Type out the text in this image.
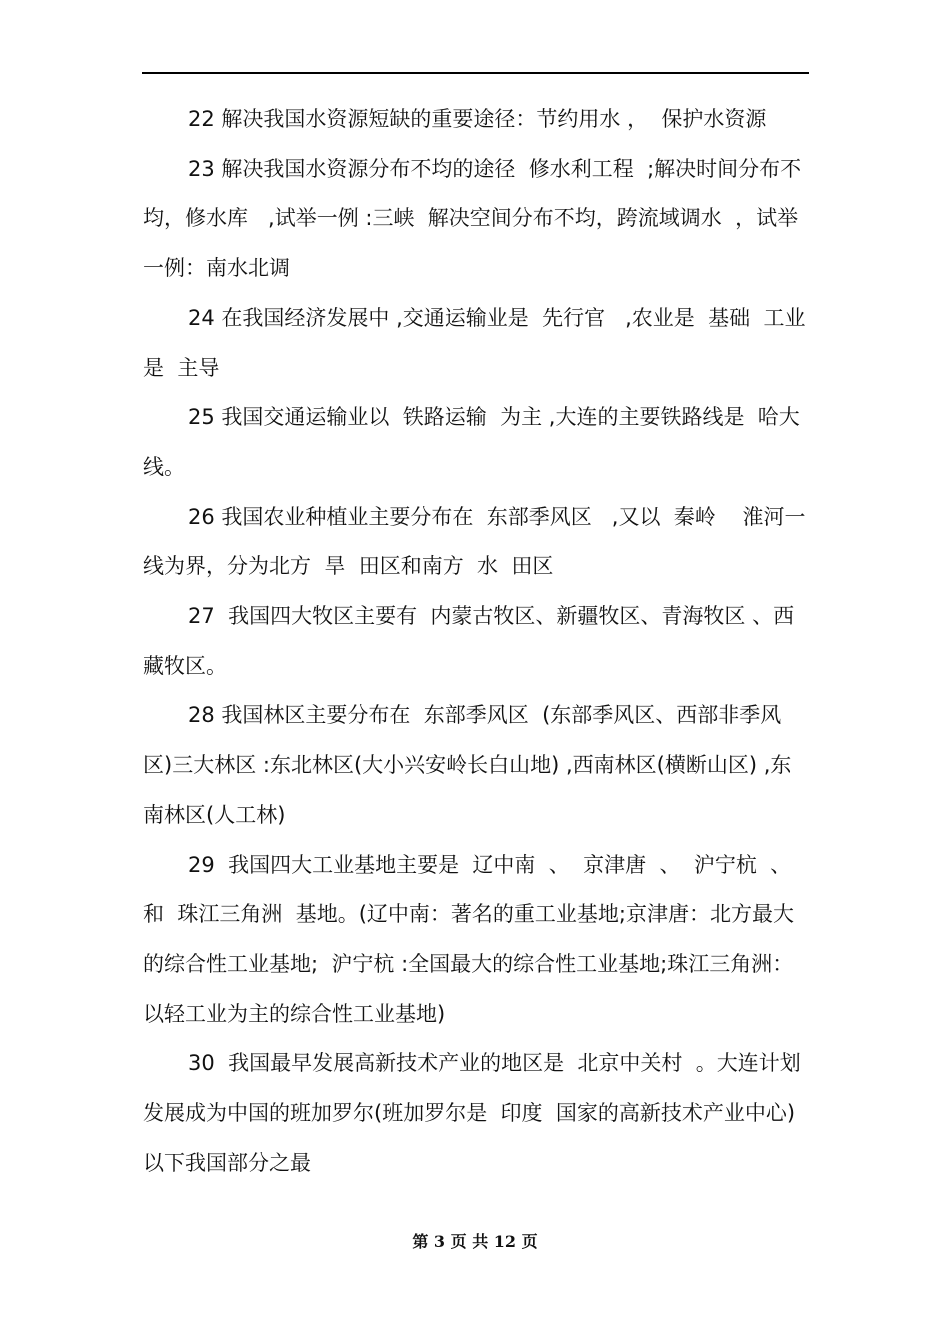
22 解决我国水资源短缺的重要途径：节约用水 ，  保护水资源

23 解决我国水资源分布不均的途径  修水利工程  ;解决时间分布不均，修水库   ,试举一例 :三峡  解决空间分布不均，跨流域调水  ，试举一例：南水北调

24 在我国经济发展中 ,交通运输业是  先行官   ,农业是  基础  工业是  主导

25 我国交通运输业以  铁路运输  为主 ,大连的主要铁路线是  哈大 线。

26 我国农业种植业主要分布在  东部季风区   ,又以  秦岭    淮河一线为界，分为北方  旱  田区和南方  水  田区

27  我国四大牧区主要有  内蒙古牧区、新疆牧区、青海牧区 、西藏牧区。

28 我国林区主要分布在  东部季风区  (东部季风区、西部非季风区)三大林区 :东北林区(大小兴安岭长白山地) ,西南林区(横断山区) ,东南林区(人工林)

29  我国四大工业基地主要是  辽中南  、  京津唐  、  沪宁杭  、和  珠江三角洲  基地。(辽中南：著名的重工业基地;京津唐：北方最大的综合性工业基地;  沪宁杭 :全国最大的综合性工业基地;珠江三角洲：以轻工业为主的综合性工业基地)

30  我国最早发展高新技术产业的地区是  北京中关村  。大连计划发展成为中国的班加罗尔(班加罗尔是  印度  国家的高新技术产业中心)  以下我国部分之最

第 3 页 共 12 页
